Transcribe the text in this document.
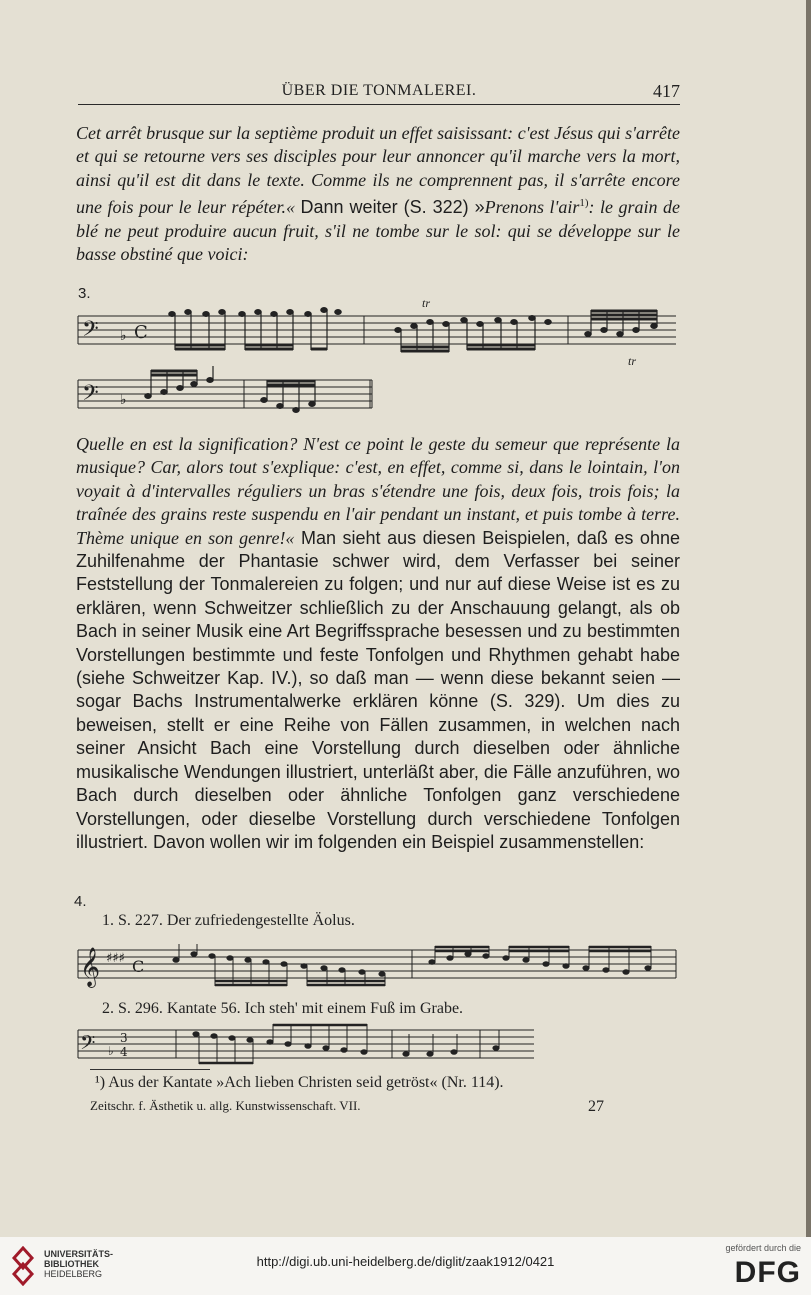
ÜBER DIE TONMALEREI.	417

Cet arrêt brusque sur la septième produit un effet saisissant: c'est Jésus qui s'arrête et qui se retourne vers ses disciples pour leur annoncer qu'il marche vers la mort, ainsi qu'il est dit dans le texte. Comme ils ne comprennent pas, il s'arrête encore une fois pour le leur répéter.« Dann weiter (S. 322) »Prenons l'air$^{1)}$: le grain de blé ne peut produire aucun fruit, s'il ne tombe sur le sol: qui se développe sur le basse obstiné que voici:

3.
tr
tr
𝄢
𝄢
♭
♭
C

Quelle en est la signification? N'est ce point le geste du semeur que représente la musique? Car, alors tout s'explique: c'est, en effet, comme si, dans le lointain, l'on voyait à d'intervalles réguliers un bras s'étendre une fois, deux fois, trois fois; la traînée des grains reste suspendu en l'air pendant un instant, et puis tombe à terre. Thème unique en son genre!« Man sieht aus diesen Beispielen, daß es ohne Zuhilfenahme der Phantasie schwer wird, dem Verfasser bei seiner Feststellung der Tonmalereien zu folgen; und nur auf diese Weise ist es zu erklären, wenn Schweitzer schließlich zu der Anschauung gelangt, als ob Bach in seiner Musik eine Art Begriffssprache besessen und zu bestimmten Vorstellungen bestimmte und feste Tonfolgen und Rhythmen gehabt habe (siehe Schweitzer Kap. IV.), so daß man — wenn diese bekannt seien — sogar Bachs Instrumentalwerke erklären könne (S. 329). Um dies zu beweisen, stellt er eine Reihe von Fällen zusammen, in welchen nach seiner Ansicht Bach eine Vorstellung durch dieselben oder ähnliche musikalische Wendungen illustriert, unterläßt aber, die Fälle anzuführen, wo Bach durch dieselben oder ähnliche Tonfolgen ganz verschiedene Vorstellungen, oder dieselbe Vorstellung durch verschiedene Tonfolgen illustriert. Davon wollen wir im folgenden ein Beispiel zusammenstellen:

4.
1. S. 227. Der zufriedengestellte Äolus.
2. S. 296. Kantate 56. Ich steh' mit einem Fuß im Grabe.
𝄞 ♯♯♯ C
𝄢 ♭
3
4
¹) Aus der Kantate »Ach lieben Christen seid getröst« (Nr. 114).
Zeitschr. f. Ästhetik u. allg. Kunstwissenschaft. VII.	27
UNIVERSITÄTS-
BIBLIOTHEK
HEIDELBERG
http://digi.ub.uni-heidelberg.de/diglit/zaak1912/0421
gefördert durch die
DFG
